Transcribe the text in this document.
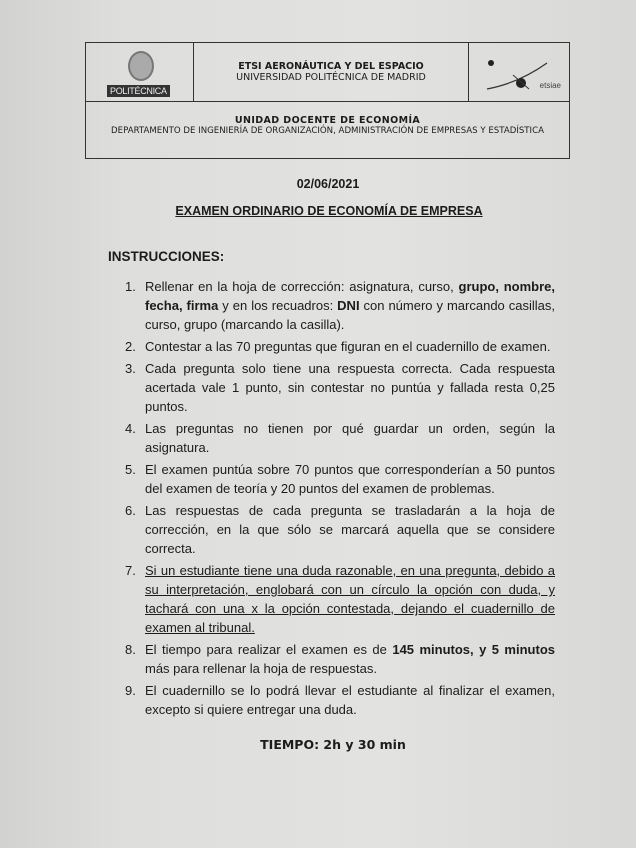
POLITÉCNICA
ETSI AERONÁUTICA Y DEL ESPACIO
UNIVERSIDAD POLITÉCNICA DE MADRID
etsiae
UNIDAD DOCENTE DE ECONOMÍA
DEPARTAMENTO DE INGENIERÍA DE ORGANIZACIÓN, ADMINISTRACIÓN DE EMPRESAS Y ESTADÍSTICA
02/06/2021
EXAMEN ORDINARIO DE ECONOMÍA DE EMPRESA
INSTRUCCIONES:
1. Rellenar en la hoja de corrección: asignatura, curso, grupo, nombre, fecha, firma y en los recuadros: DNI con número y marcando casillas, curso, grupo (marcando la casilla).
2. Contestar a las 70 preguntas que figuran en el cuadernillo de examen.
3. Cada pregunta solo tiene una respuesta correcta. Cada respuesta acertada vale 1 punto, sin contestar no puntúa y fallada resta 0,25 puntos.
4. Las preguntas no tienen por qué guardar un orden, según la asignatura.
5. El examen puntúa sobre 70 puntos que corresponderían a 50 puntos del examen de teoría y 20 puntos del examen de problemas.
6. Las respuestas de cada pregunta se trasladarán a la hoja de corrección, en la que sólo se marcará aquella que se considere correcta.
7. Si un estudiante tiene una duda razonable, en una pregunta, debido a su interpretación, englobará con un círculo la opción con duda, y tachará con una x la opción contestada, dejando el cuadernillo de examen al tribunal.
8. El tiempo para realizar el examen es de 145 minutos, y 5 minutos más para rellenar la hoja de respuestas.
9. El cuadernillo se lo podrá llevar el estudiante al finalizar el examen, excepto si quiere entregar una duda.
TIEMPO: 2h y 30 min
